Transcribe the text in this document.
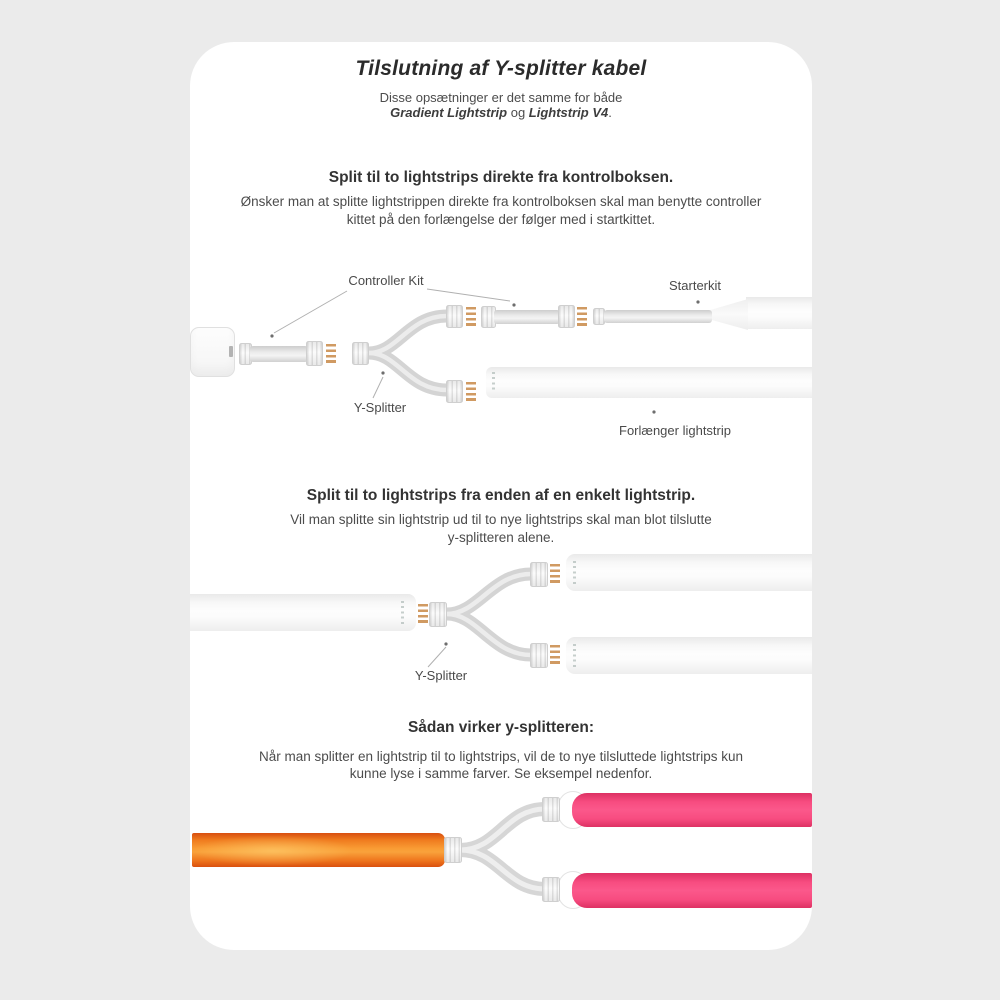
Tilslutning af Y-splitter kabel
Disse opsætninger er det samme for både
Gradient Lightstrip og Lightstrip V4.
Split til to lightstrips direkte fra kontrolboksen.
Ønsker man at splitte lightstrippen direkte fra kontrolboksen skal man benytte controller
kittet på den forlængelse der følger med i startkittet.
Controller Kit	Starterkit
Y-Splitter
Forlænger lightstrip
Split til to lightstrips fra enden af en enkelt lightstrip.
Vil man splitte sin lightstrip ud til to nye lightstrips skal man blot tilslutte
y-splitteren alene.
Y-Splitter
Sådan virker y-splitteren:
Når man splitter en lightstrip til to lightstrips, vil de to nye tilsluttede lightstrips kun
kunne lyse i samme farver. Se eksempel nedenfor.
